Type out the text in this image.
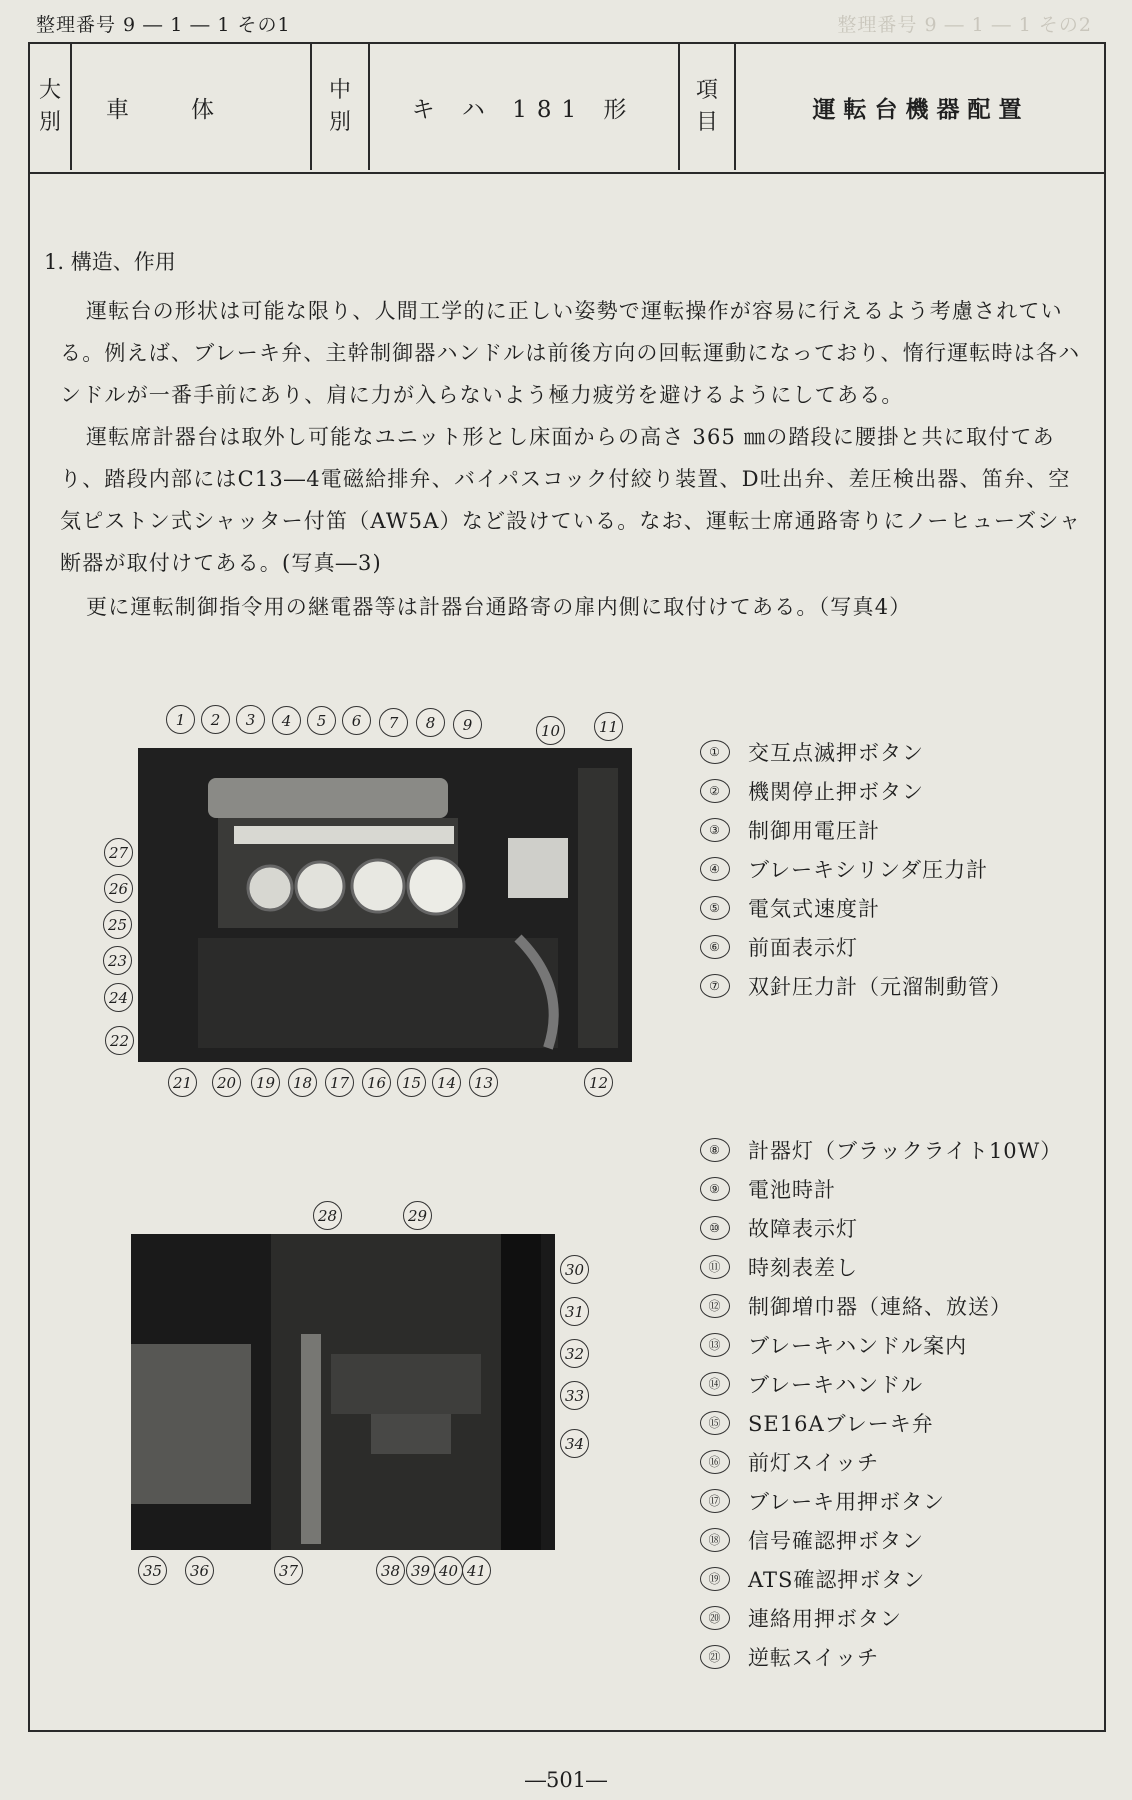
整理番号 9 ― 1 ― 1 その1	整理番号 9 ― 1 ― 1 その2
大
別 車体
中
別	キ ハ 181 形
項
目	運転台機器配置
1. 構造、作用

運転台の形状は可能な限り、人間工学的に正しい姿勢で運転操作が容易に行えるよう考慮されている。例えば、ブレーキ弁、主幹制御器ハンドルは前後方向の回転運動になっており、惰行運転時は各ハンドルが一番手前にあり、肩に力が入らないよう極力疲労を避けるようにしてある。

運転席計器台は取外し可能なユニット形とし床面からの高さ 365 ㎜の踏段に腰掛と共に取付てあり、踏段内部にはC13―4電磁給排弁、バイパスコック付絞り装置、D吐出弁、差圧検出器、笛弁、空気ピストン式シャッター付笛（AW5A）など設けている。なお、運転士席通路寄りにノーヒューズシャ断器が取付けてある。(写真―3)

更に運転制御指令用の継電器等は計器台通路寄の扉内側に取付けてある。（写真4）

1	2	3	4	5	6	7	8	9	10	11
12
13
14
15
16
17
18
19
20
21
22
24
23
25
26
27
28	29
30
31
32
33
34
35	36	37	38 39 40 41
①	交互点滅押ボタン
②	機関停止押ボタン
③	制御用電圧計
④	ブレーキシリンダ圧力計
⑤	電気式速度計
⑥	前面表示灯
⑦	双針圧力計（元溜制動管）
⑧	計器灯（ブラックライト10W）
⑨	電池時計
⑩	故障表示灯
⑪	時刻表差し
⑫	制御増巾器（連絡、放送）
⑬	ブレーキハンドル案内
⑭	ブレーキハンドル
⑮	SE16Aブレーキ弁
⑯	前灯スイッチ
⑰	ブレーキ用押ボタン
⑱	信号確認押ボタン
⑲	ATS確認押ボタン
⑳	連絡用押ボタン
㉑	逆転スイッチ
―501―
